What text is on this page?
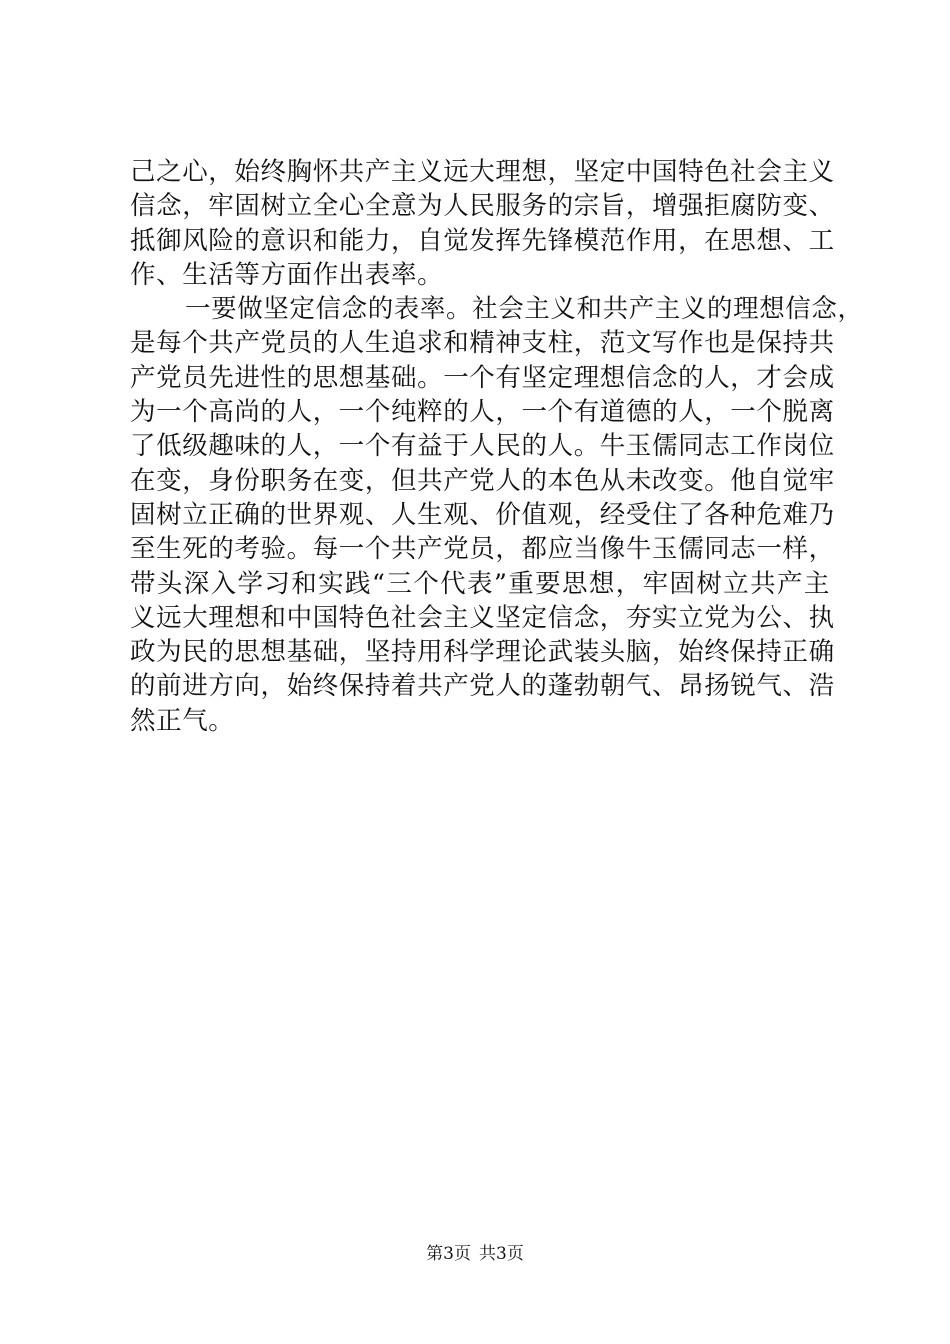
己之心，始终胸怀共产主义远大理想，坚定中国特色社会主义
信念，牢固树立全心全意为人民服务的宗旨，增强拒腐防变、
抵御风险的意识和能力，自觉发挥先锋模范作用，在思想、工
作、生活等方面作出表率。

一要做坚定信念的表率。社会主义和共产主义的理想信念，
是每个共产党员的人生追求和精神支柱，范文写作也是保持共
产党员先进性的思想基础。一个有坚定理想信念的人，才会成
为一个高尚的人，一个纯粹的人，一个有道德的人，一个脱离
了低级趣味的人，一个有益于人民的人。牛玉儒同志工作岗位
在变，身份职务在变，但共产党人的本色从未改变。他自觉牢
固树立正确的世界观、人生观、价值观，经受住了各种危难乃
至生死的考验。每一个共产党员，都应当像牛玉儒同志一样，
带头深入学习和实践“三个代表”重要思想，牢固树立共产主
义远大理想和中国特色社会主义坚定信念，夯实立党为公、执
政为民的思想基础，坚持用科学理论武装头脑，始终保持正确
的前进方向，始终保持着共产党人的蓬勃朝气、昂扬锐气、浩
然正气。

第3页 共3页
